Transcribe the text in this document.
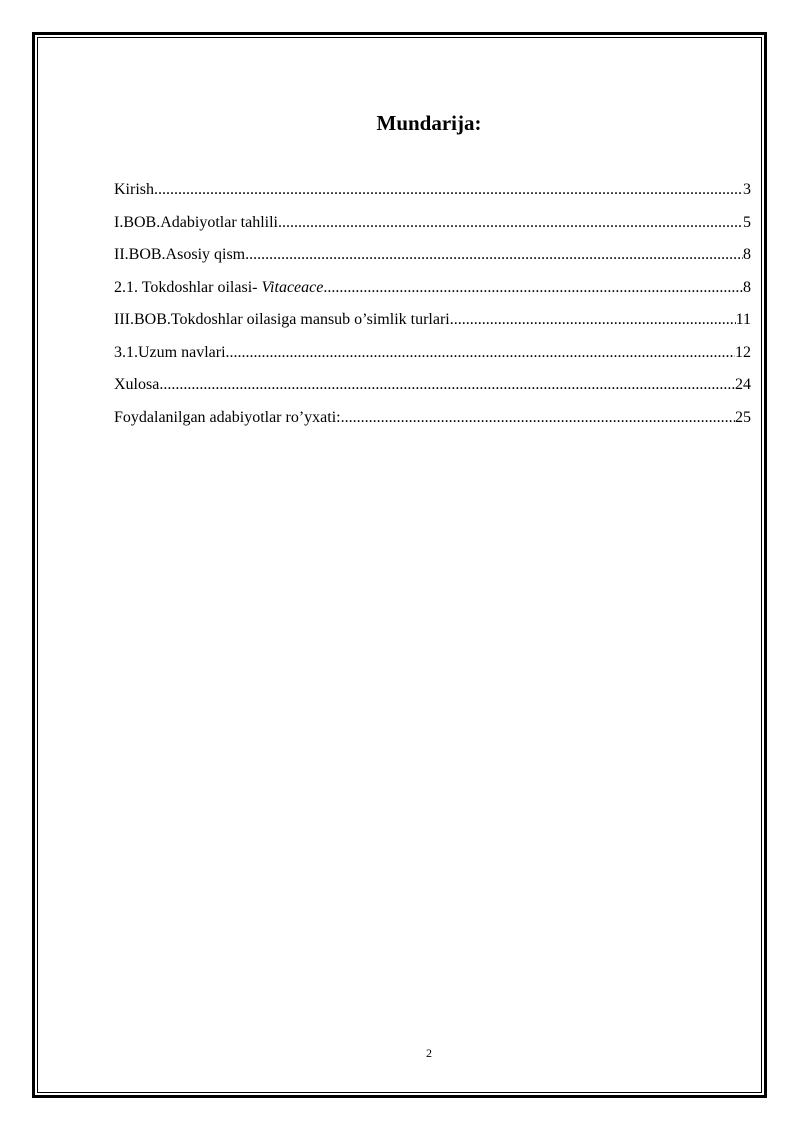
Mundarija:
Kirish .....	3
I.BOB.Adabiyotlar tahlili .....	5
II.BOB.Asosiy qism .....	8
2.1. Tokdoshlar oilasi- Vitaceace .....	8
III.BOB.Tokdoshlar oilasiga mansub o’simlik turlari .....	11
3.1.Uzum navlari .....	12
Xulosa .....	24
Foydalanilgan adabiyotlar ro’yxati: .....	25
2
